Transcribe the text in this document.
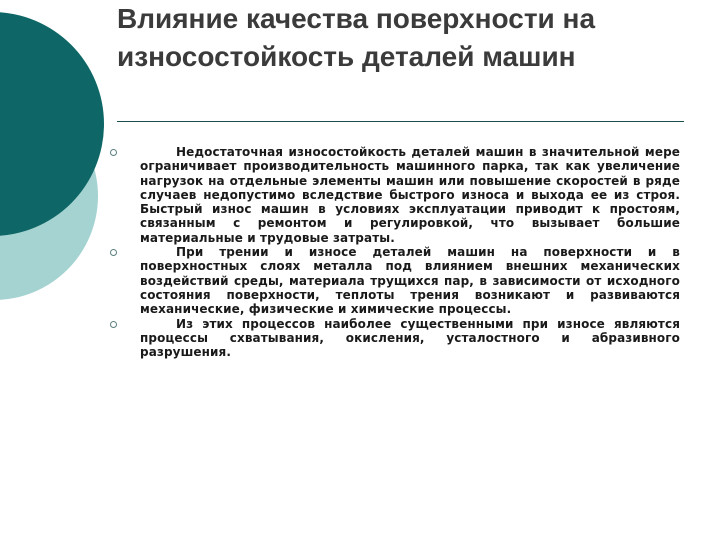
Влияние качества поверхности на износостойкость деталей машин
Недостаточная износостойкость деталей машин в значительной мере ограничивает производительность машинного парка, так как увеличение нагрузок на отдельные элементы машин или повышение скоростей в ряде случаев недопустимо вследствие быстрого износа и выхода ее из строя. Быстрый износ машин в условиях эксплуатации приводит к простоям, связанным с ремонтом и регулировкой, что вызывает большие материальные и трудовые затраты.
При трении и износе деталей машин на поверхности и в поверхностных слоях металла под влиянием внешних механических воздействий среды, материала трущихся пар, в зависимости от исходного состояния поверхности, теплоты трения возникают и развиваются механические, физические и химические процессы.
Из этих процессов наиболее существенными при износе являются процессы схватывания, окисления, усталостного и абразивного разрушения.
